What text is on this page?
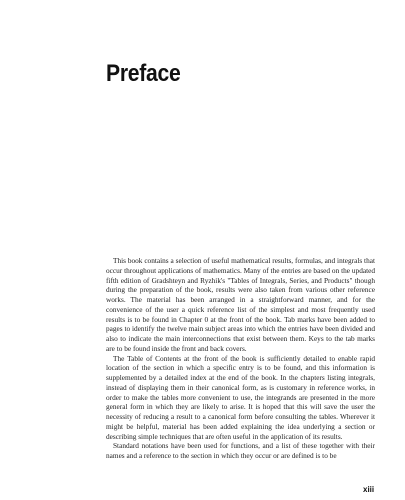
Preface

This book contains a selection of useful mathematical results, formulas, and integrals that occur throughout applications of mathematics. Many of the entries are based on the updated fifth edition of Gradshteyn and Ryzhik's "Tables of Integrals, Series, and Products" though during the preparation of the book, results were also taken from various other reference works. The material has been arranged in a straightforward manner, and for the convenience of the user a quick reference list of the simplest and most frequently used results is to be found in Chapter 0 at the front of the book. Tab marks have been added to pages to identify the twelve main subject areas into which the entries have been divided and also to indicate the main interconnections that exist between them. Keys to the tab marks are to be found inside the front and back covers.

The Table of Contents at the front of the book is sufficiently detailed to enable rapid location of the section in which a specific entry is to be found, and this information is supplemented by a detailed index at the end of the book. In the chapters listing integrals, instead of displaying them in their canonical form, as is customary in reference works, in order to make the tables more convenient to use, the integrands are presented in the more general form in which they are likely to arise. It is hoped that this will save the user the necessity of reducing a result to a canonical form before consulting the tables. Wherever it might be helpful, material has been added explaining the idea underlying a section or describing simple techniques that are often useful in the application of its results.

Standard notations have been used for functions, and a list of these together with their names and a reference to the section in which they occur or are defined is to be

xiii
